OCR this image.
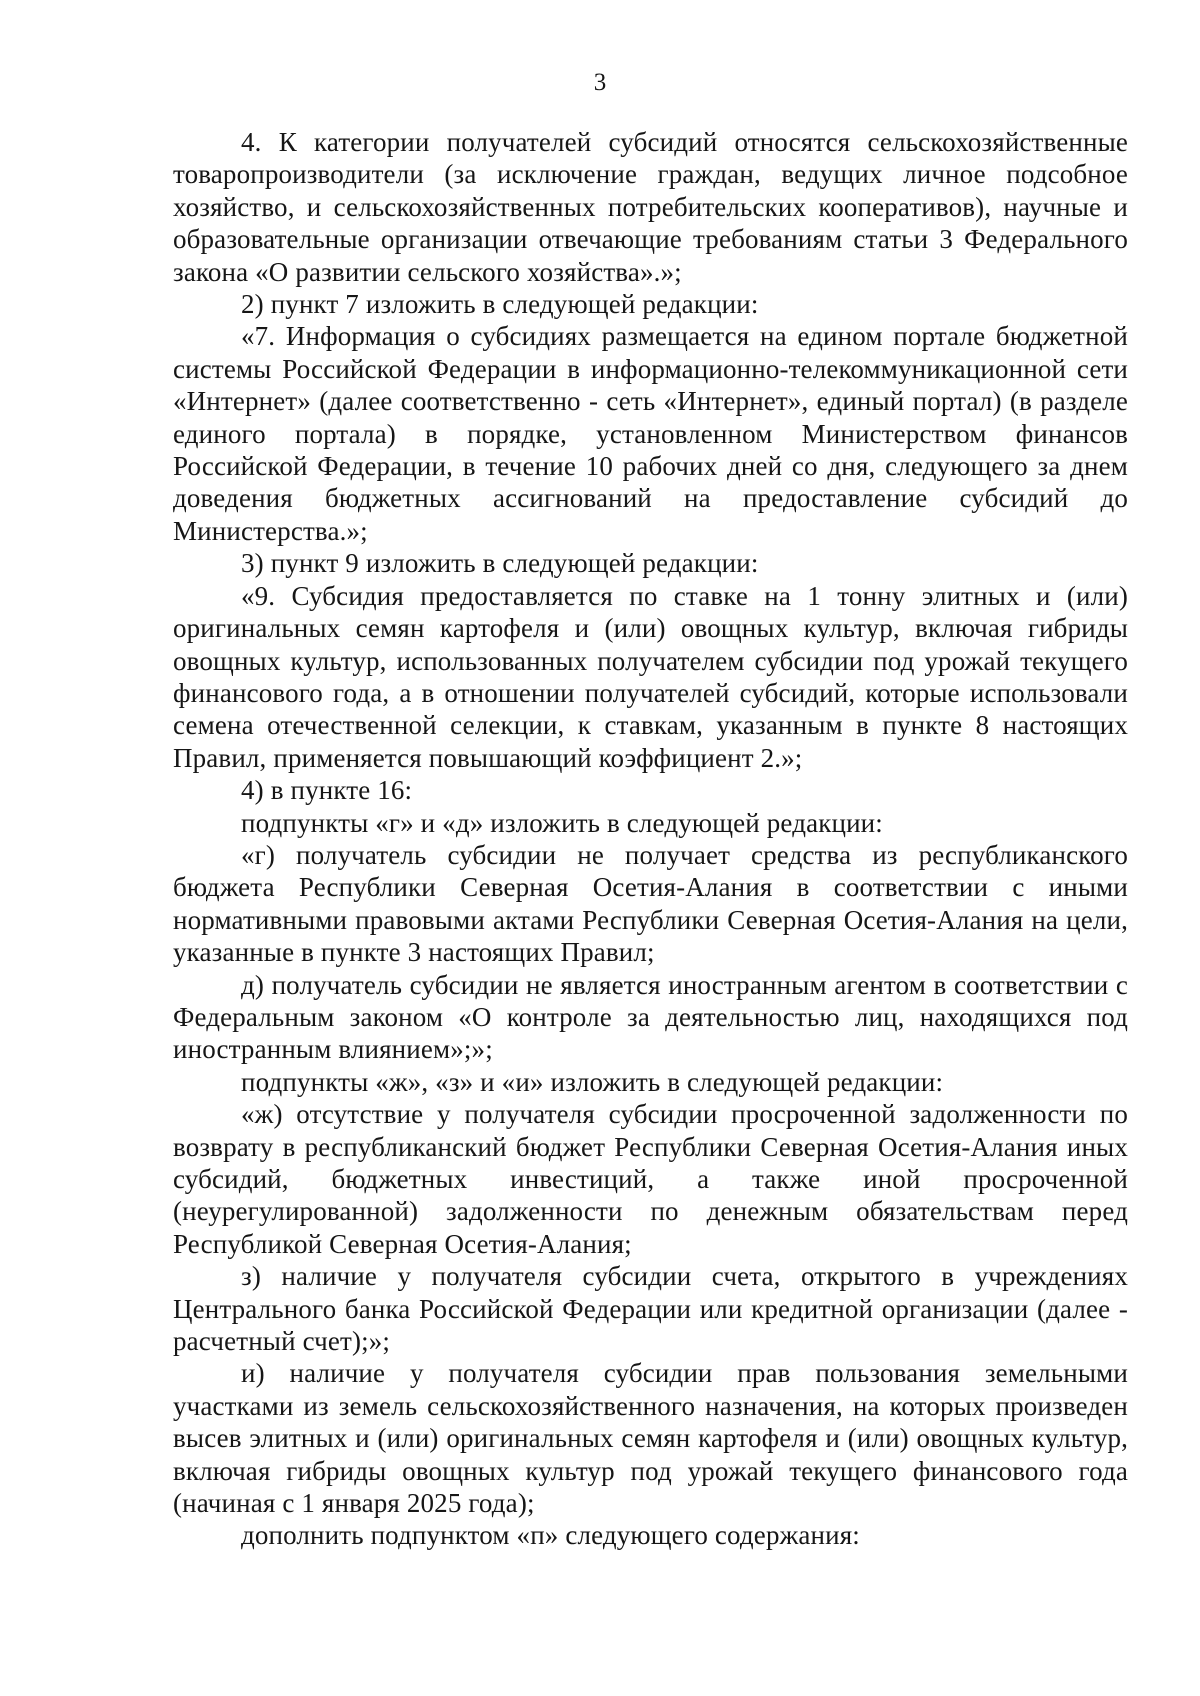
3

4. К категории получателей субсидий относятся сельскохозяйственные товаропроизводители (за исключение граждан, ведущих личное подсобное хозяйство, и сельскохозяйственных потребительских кооперативов), научные и образовательные организации отвечающие требованиям статьи 3 Федерального закона «О развитии сельского хозяйства».»;

2) пункт 7 изложить в следующей редакции:

«7. Информация о субсидиях размещается на едином портале бюджетной системы Российской Федерации в информационно-телекоммуникационной сети «Интернет» (далее соответственно - сеть «Интернет», единый портал) (в разделе единого портала) в порядке, установленном Министерством финансов Российской Федерации, в течение 10 рабочих дней со дня, следующего за днем доведения бюджетных ассигнований на предоставление субсидий до Министерства.»;

3) пункт 9 изложить в следующей редакции:

«9. Субсидия предоставляется по ставке на 1 тонну элитных и (или) оригинальных семян картофеля и (или) овощных культур, включая гибриды овощных культур, использованных получателем субсидии под урожай текущего финансового года, а в отношении получателей субсидий, которые использовали семена отечественной селекции, к ставкам, указанным в пункте 8 настоящих Правил, применяется повышающий коэффициент 2.»;

4) в пункте 16:

подпункты «г» и «д» изложить в следующей редакции:

«г) получатель субсидии не получает средства из республиканского бюджета Республики Северная Осетия-Алания в соответствии с иными нормативными правовыми актами Республики Северная Осетия-Алания на цели, указанные в пункте 3 настоящих Правил;

д) получатель субсидии не является иностранным агентом в соответствии с Федеральным законом «О контроле за деятельностью лиц, находящихся под иностранным влиянием»;»;

подпункты «ж», «з» и «и» изложить в следующей редакции:

«ж) отсутствие у получателя субсидии просроченной задолженности по возврату в республиканский бюджет Республики Северная Осетия-Алания иных субсидий, бюджетных инвестиций, а также иной просроченной (неурегулированной) задолженности по денежным обязательствам перед Республикой Северная Осетия-Алания;

з) наличие у получателя субсидии счета, открытого в учреждениях Центрального банка Российской Федерации или кредитной организации (далее - расчетный счет);»;

и) наличие у получателя субсидии прав пользования земельными участками из земель сельскохозяйственного назначения, на которых произведен высев элитных и (или) оригинальных семян картофеля и (или) овощных культур, включая гибриды овощных культур под урожай текущего финансового года (начиная с 1 января 2025 года);

дополнить подпунктом «п» следующего содержания:
